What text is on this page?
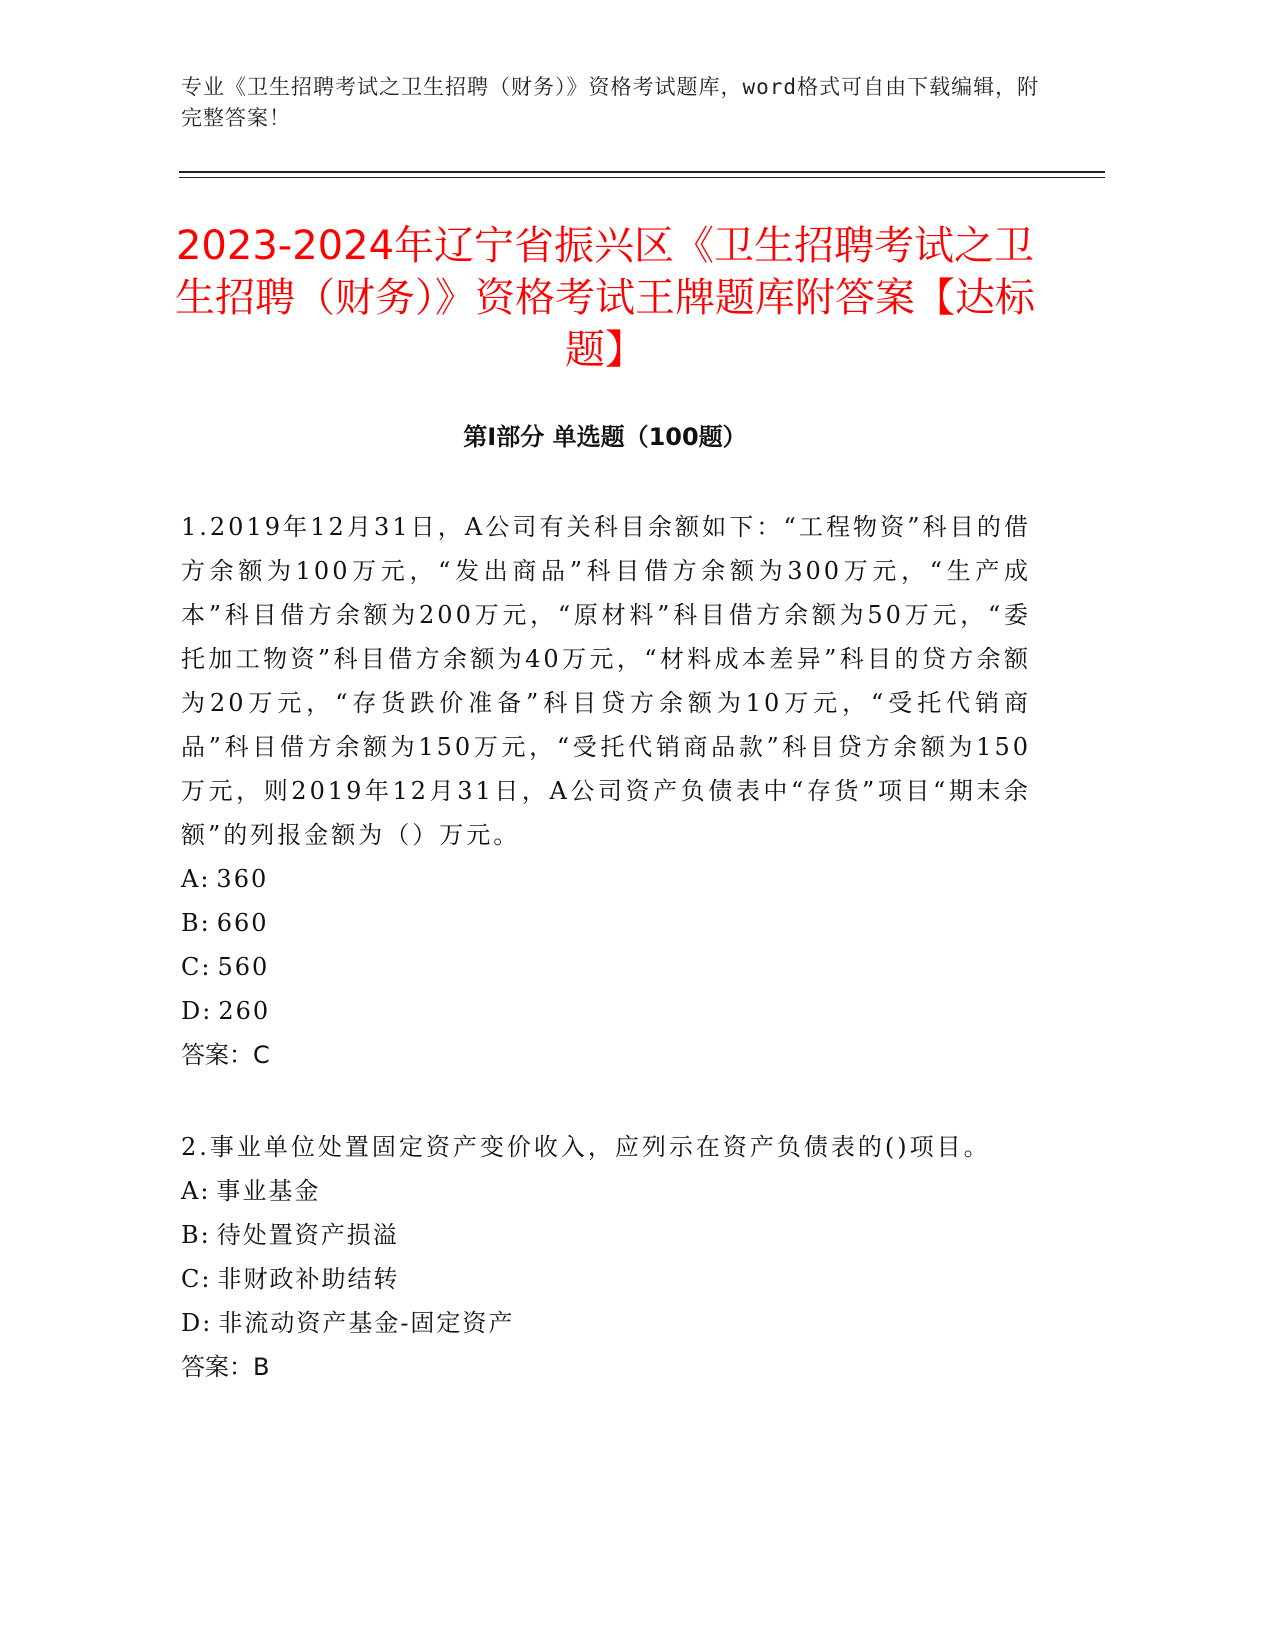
专业《卫生招聘考试之卫生招聘（财务）》资格考试题库，word格式可自由下载编辑，附完整答案！
2023-2024年辽宁省振兴区《卫生招聘考试之卫生招聘（财务）》资格考试王牌题库附答案【达标题】
第Ⅰ部分 单选题（100题）

1.2019年12月31日，A公司有关科目余额如下：“工程物资”科目的借方余额为100万元，“发出商品”科目借方余额为300万元，“生产成本”科目借方余额为200万元，“原材料”科目借方余额为50万元，“委托加工物资”科目借方余额为40万元，“材料成本差异”科目的贷方余额为20万元，“存货跌价准备”科目贷方余额为10万元，“受托代销商品”科目借方余额为150万元，“受托代销商品款”科目贷方余额为150万元，则2019年12月31日，A公司资产负债表中“存货”项目“期末余额”的列报金额为（）万元。

A: 360
B: 660
C: 560
D: 260

答案：C

2.事业单位处置固定资产变价收入，应列示在资产负债表的()项目。

A: 事业基金
B: 待处置资产损溢
C: 非财政补助结转
D: 非流动资产基金-固定资产

答案：B
